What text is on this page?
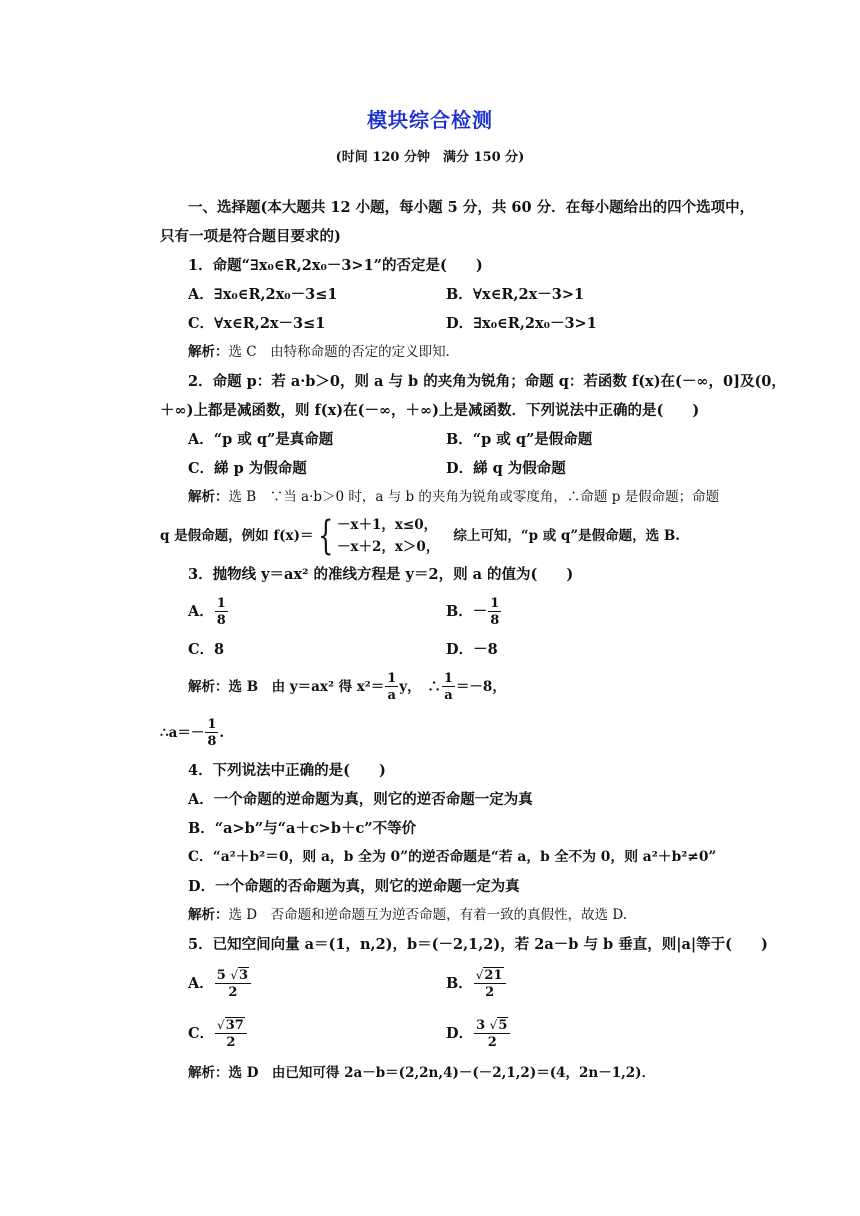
模块综合检测
(时间 120 分钟　满分 150 分)
一、选择题(本大题共 12 小题，每小题 5 分，共 60 分．在每小题给出的四个选项中，
只有一项是符合题目要求的)
1．命题“∃x₀∈R,2x₀－3>1”的否定是(　　)
A．∃x₀∈R,2x₀－3≤1	B．∀x∈R,2x－3>1
C．∀x∈R,2x－3≤1	D．∃x₀∈R,2x₀－3>1
解析：选 C　由特称命题的否定的定义即知．
2．命题 p：若 a·b＞0，则 a 与 b 的夹角为锐角；命题 q：若函数 f(x)在(－∞，0]及(0，
＋∞)上都是减函数，则 f(x)在(－∞，＋∞)上是减函数．下列说法中正确的是(　　)
A．“p 或 q”是真命题	B．“p 或 q”是假命题
C．綈 p 为假命题	D．綈 q 为假命题
解析：选 B　∵当 a·b＞0 时，a 与 b 的夹角为锐角或零度角，∴命题 p 是假命题；命题
q 是假命题，例如 f(x)＝ { －x＋1，x≤0，
－x＋2，x＞0，
综上可知，“p 或 q”是假命题，选 B.
3．抛物线 y＝ax² 的准线方程是 y＝2，则 a 的值为(　　)
A． $\frac{1}{8}$	B．－ $\frac{1}{8}$
C．8	D．－8
解析： 选 B　由 y＝ax² 得 $x^2= \frac{1}{a}$ y，　∴ $\frac{1}{a} =-8$，
∴a＝－ $\frac{1}{8}$ .
4．下列说法中正确的是(　　)
A．一个命题的逆命题为真，则它的逆否命题一定为真
B．“a>b”与“a＋c>b＋c”不等价
C．“a²＋b²＝0，则 a，b 全为 0”的逆否命题是“若 a，b 全不为 0，则 a²＋b²≠0”
D．一个命题的否命题为真，则它的逆命题一定为真
解析：选 D　否命题和逆命题互为逆否命题，有着一致的真假性，故选 D.
5．已知空间向量 a＝(1，n,2)，b＝(－2,1,2)，若 2a－b 与 b 垂直，则|a|等于(　　)
A． $\frac{5 √3}{2}$	B． $\frac{√21}{2}$
C． $\frac{√37}{2}$	D． $\frac{3 √5}{2}$
解析：选 D　由已知可得 2a－b＝(2,2n,4)－(－2,1,2)＝(4，2n－1,2)．
